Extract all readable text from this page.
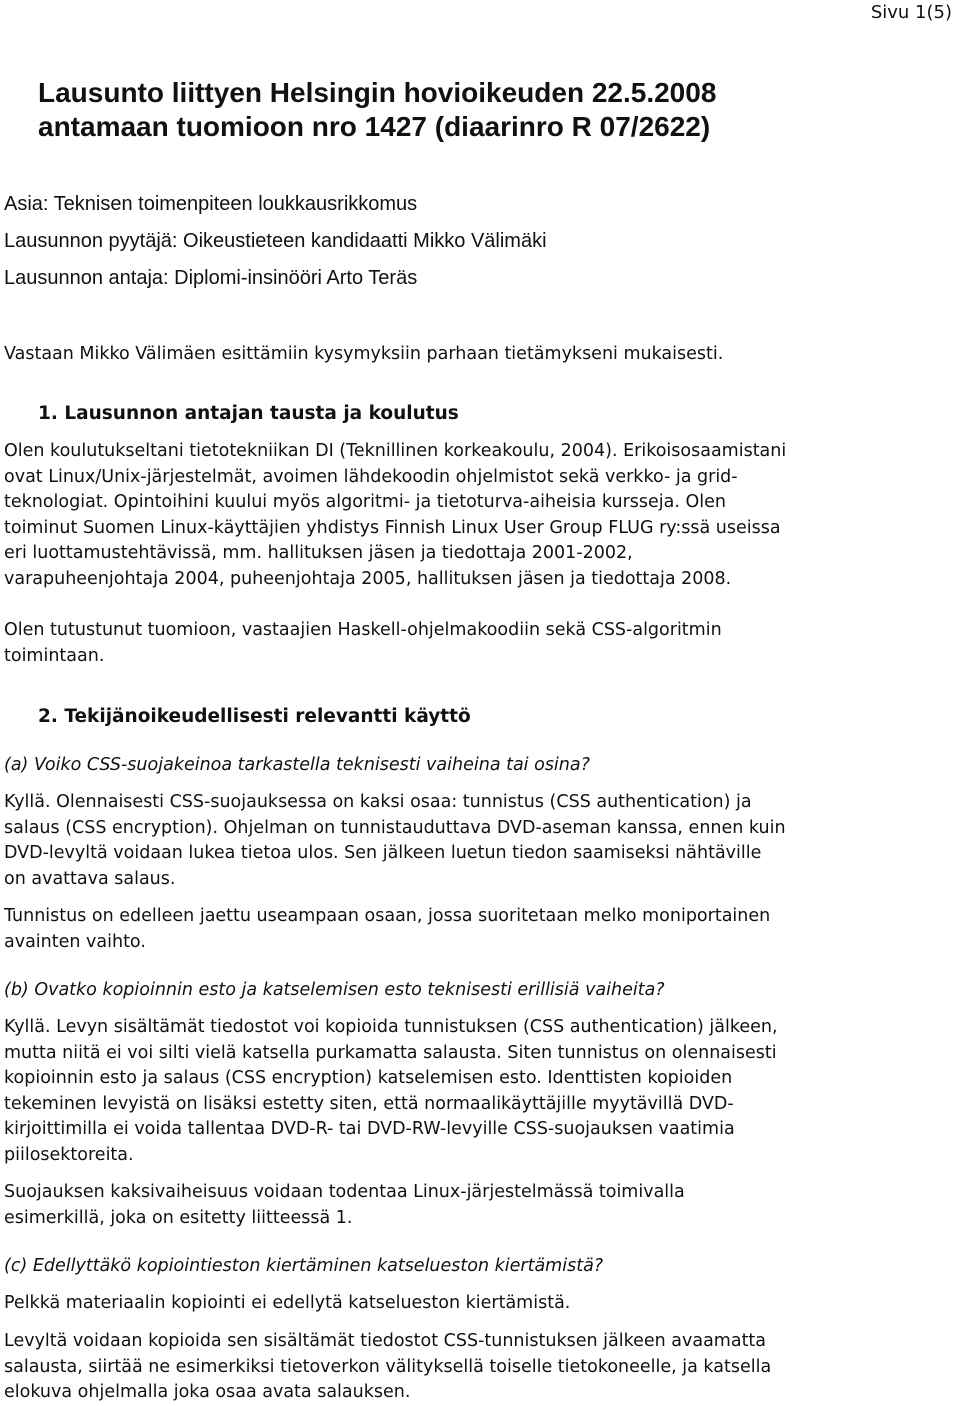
Sivu 1(5)

Lausunto liittyen Helsingin hovioikeuden 22.5.2008
antamaan tuomioon nro 1427 (diaarinro R 07/2622)

Asia: Teknisen toimenpiteen loukkausrikkomus

Lausunnon pyytäjä: Oikeustieteen kandidaatti Mikko Välimäki

Lausunnon antaja: Diplomi-insinööri Arto Teräs

Vastaan Mikko Välimäen esittämiin kysymyksiin parhaan tietämykseni mukaisesti.

1. Lausunnon antajan tausta ja koulutus

Olen koulutukseltani tietotekniikan DI (Teknillinen korkeakoulu, 2004). Erikoisosaamistani
ovat Linux/Unix-järjestelmät, avoimen lähdekoodin ohjelmistot sekä verkko- ja grid-
teknologiat. Opintoihini kuului myös algoritmi- ja tietoturva-aiheisia kursseja. Olen
toiminut Suomen Linux-käyttäjien yhdistys Finnish Linux User Group FLUG ry:ssä useissa
eri luottamustehtävissä, mm. hallituksen jäsen ja tiedottaja 2001-2002,
varapuheenjohtaja 2004, puheenjohtaja 2005, hallituksen jäsen ja tiedottaja 2008.
Olen tutustunut tuomioon, vastaajien Haskell-ohjelmakoodiin sekä CSS-algoritmin
toimintaan.

2. Tekijänoikeudellisesti relevantti käyttö

(a) Voiko CSS-suojakeinoa tarkastella teknisesti vaiheina tai osina?

Kyllä. Olennaisesti CSS-suojauksessa on kaksi osaa: tunnistus (CSS authentication) ja
salaus (CSS encryption). Ohjelman on tunnistauduttava DVD-aseman kanssa, ennen kuin
DVD-levyltä voidaan lukea tietoa ulos. Sen jälkeen luetun tiedon saamiseksi nähtäville
on avattava salaus.
Tunnistus on edelleen jaettu useampaan osaan, jossa suoritetaan melko moniportainen
avainten vaihto.

(b) Ovatko kopioinnin esto ja katselemisen esto teknisesti erillisiä vaiheita?

Kyllä. Levyn sisältämät tiedostot voi kopioida tunnistuksen (CSS authentication) jälkeen,
mutta niitä ei voi silti vielä katsella purkamatta salausta. Siten tunnistus on olennaisesti
kopioinnin esto ja salaus (CSS encryption) katselemisen esto. Identtisten kopioiden
tekeminen levyistä on lisäksi estetty siten, että normaalikäyttäjille myytävillä DVD-
kirjoittimilla ei voida tallentaa DVD-R- tai DVD-RW-levyille CSS-suojauksen vaatimia
piilosektoreita.
Suojauksen kaksivaiheisuus voidaan todentaa Linux-järjestelmässä toimivalla
esimerkillä, joka on esitetty liitteessä 1.

(c) Edellyttäkö kopiointieston kiertäminen katselueston kiertämistä?

Pelkkä materiaalin kopiointi ei edellytä katselueston kiertämistä.
Levyltä voidaan kopioida sen sisältämät tiedostot CSS-tunnistuksen jälkeen avaamatta
salausta, siirtää ne esimerkiksi tietoverkon välityksellä toiselle tietokoneelle, ja katsella
elokuva ohjelmalla joka osaa avata salauksen.
